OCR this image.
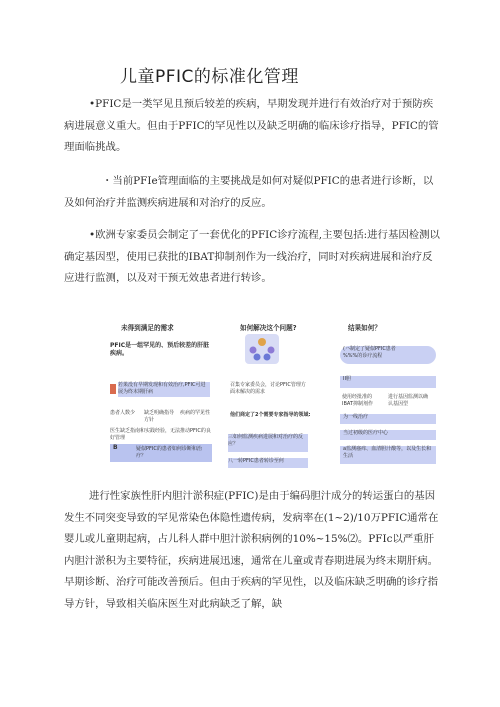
儿童PFIC的标准化管理

•PFIC是一类罕见且预后较差的疾病，早期发现并进行有效治疗对于预防疾病进展意义重大。但由于PFIC的罕见性以及缺乏明确的临床诊疗指导，PFIC的管理面临挑战。

・当前PFIe管理面临的主要挑战是如何对疑似PFIC的患者进行诊断，以及如何治疗并监测疾病进展和对治疗的反应。

•欧洲专家委员会制定了一套优化的PFIC诊疗流程,主要包括:进行基因检测以确定基因型，使用已获批的IBAT抑制剂作为一线治疗，同时对疾病进展和治疗反应进行监测，以及对干预无效患者进行转诊。

未得到满足的需求
PFIC是一组罕见的、预后较差的肝脏疾病。
若果没有早期发现和有效治疗,PFIC可进展为终末期肝病
患者人数少	缺乏明确指导方针
疾病的罕见性
医生缺乏指南和实践经验，无法推动PFIC的良好管理
B	疑似PFIC的患者如何诊断和治疗？
如何解决这个问题?
召集专家委员会，讨论PFIC管理方面未解决的需求
他们商定了2个需要专家指导的领域:
三如何监测疾病进展和对治疗的反应？
八一转PFIC患者转诊至何
结果如何？
(ハ制定了疑似PFIC患者
%%%的诊疗流程
II胆
使用经批准的IBAT抑制剂作
进行基因监测以确认基因型
为一线治疗
当过初级的医疗中心
a监测瘙痒、血清胆汁酸等，以及生长和生活

进行性家族性肝内胆汁淤积症(PFIC)是由于编码胆汁成分的转运蛋白的基因发生不同突变导致的罕见常染色体隐性遗传病，发病率在(1~2)/10万PFIC通常在婴儿或儿童期起病，占儿科人群中胆汁淤积病例的10%~15%⑵。PFIc以严重肝内胆汁淤积为主要特征，疾病进展迅速，通常在儿童或青春期进展为终末期肝病。早期诊断、治疗可能改善预后。但由于疾病的罕见性，以及临床缺乏明确的诊疗指导方针，导致相关临床医生对此病缺乏了解，缺
